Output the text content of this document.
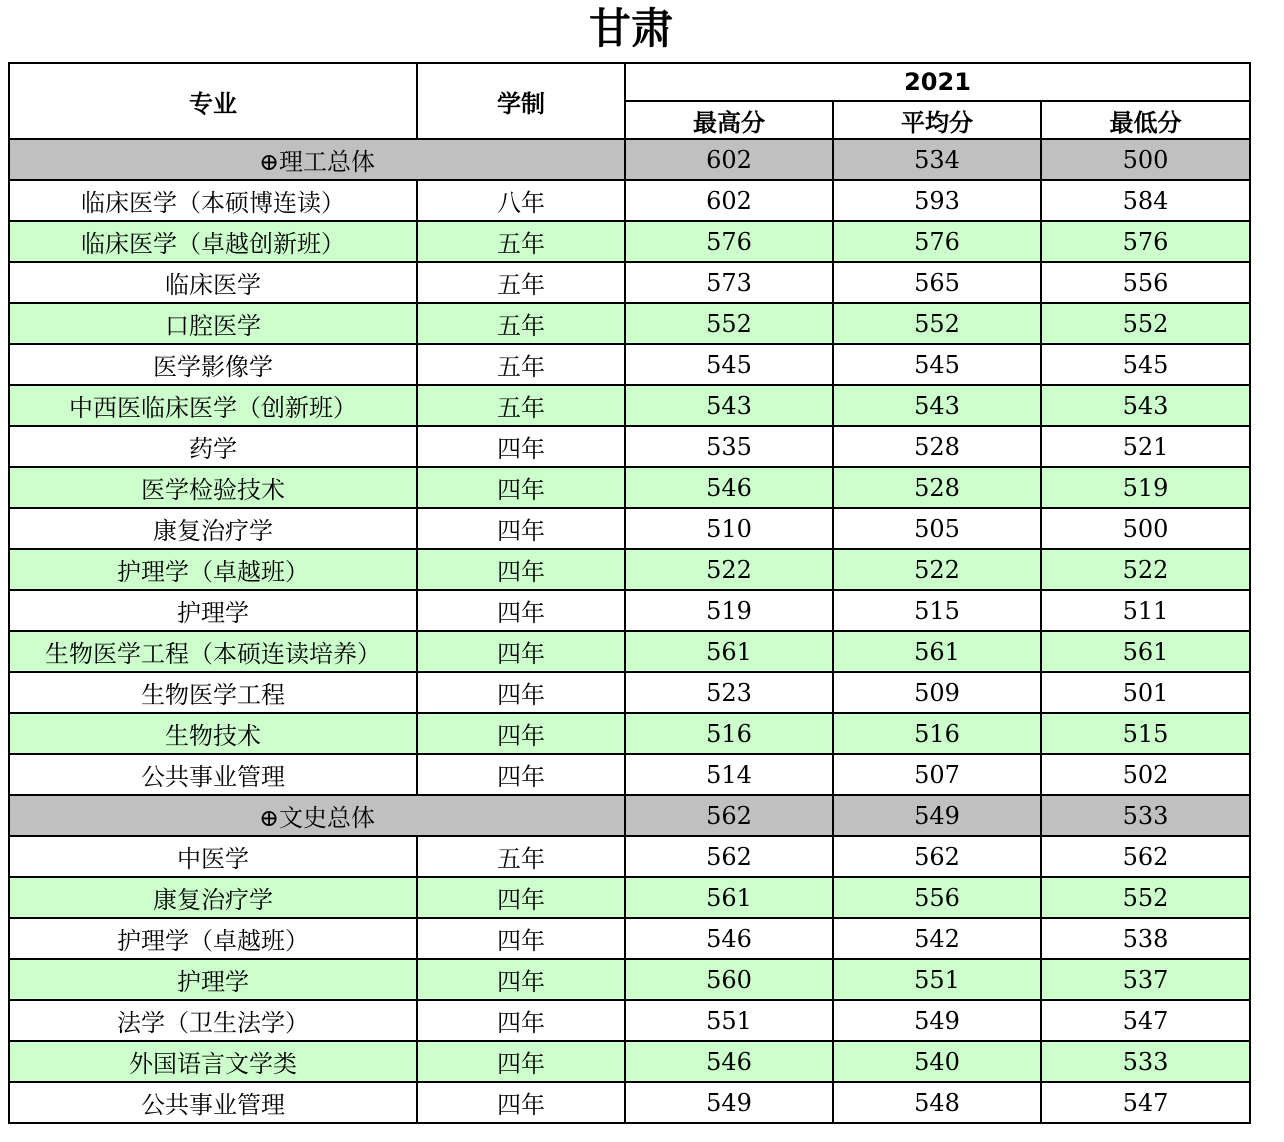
甘肃
专业	学制	2021		
		最高分	平均分	最低分
⊕理工总体		602	534	500
临床医学（本硕博连读）	八年	602	593	584
临床医学（卓越创新班）	五年	576	576	576
临床医学	五年	573	565	556
口腔医学	五年	552	552	552
医学影像学	五年	545	545	545
中西医临床医学（创新班）	五年	543	543	543
药学	四年	535	528	521
医学检验技术	四年	546	528	519
康复治疗学	四年	510	505	500
护理学（卓越班）	四年	522	522	522
护理学	四年	519	515	511
生物医学工程（本硕连读培养）	四年	561	561	561
生物医学工程	四年	523	509	501
生物技术	四年	516	516	515
公共事业管理	四年	514	507	502
⊕文史总体		562	549	533
中医学	五年	562	562	562
康复治疗学	四年	561	556	552
护理学（卓越班）	四年	546	542	538
护理学	四年	560	551	537
法学（卫生法学）	四年	551	549	547
外国语言文学类	四年	546	540	533
公共事业管理	四年	549	548	547
